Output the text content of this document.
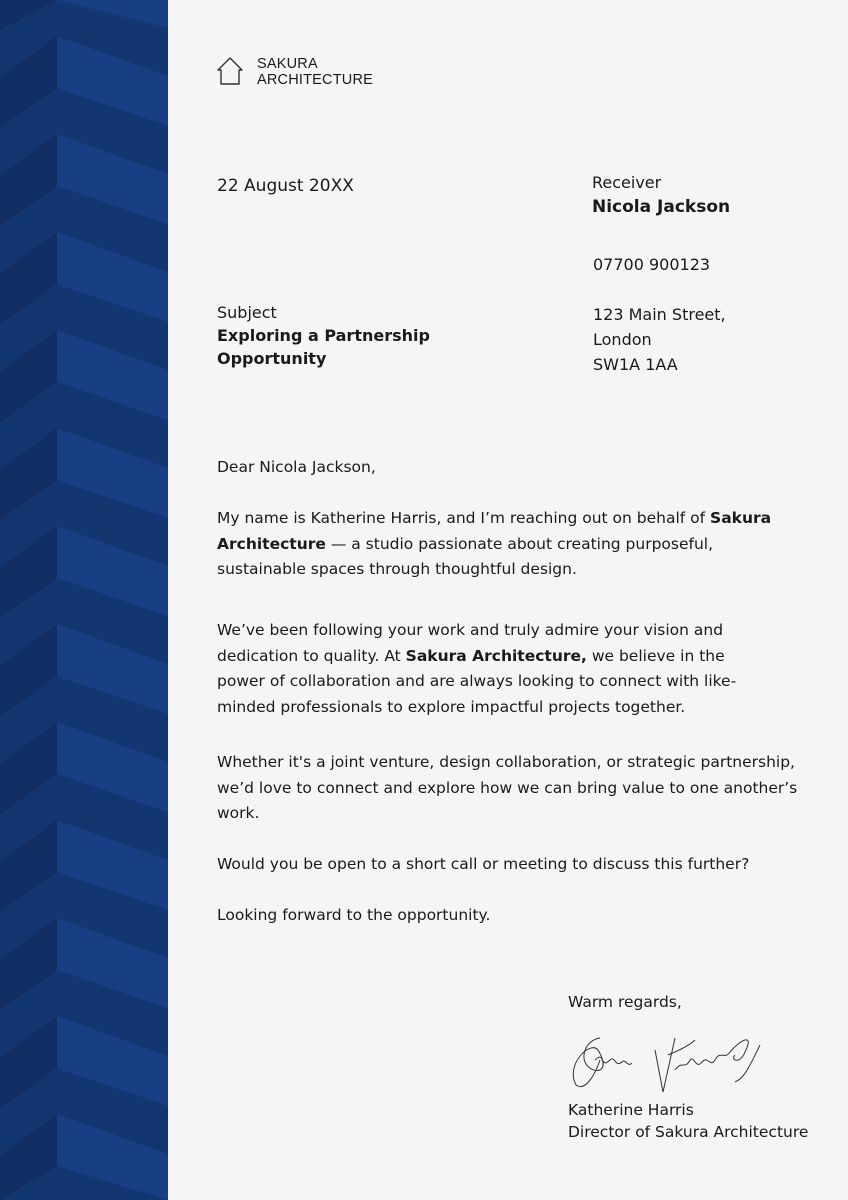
SAKURA
ARCHITECTURE
22 August 20XX	Receiver
Nicola Jackson
07700 900123
123 Main Street,
London
SW1A 1AA
Subject
Exploring a Partnership
Opportunity

Dear Nicola Jackson,

My name is Katherine Harris, and I’m reaching out on behalf of Sakura Architecture — a studio passionate about creating purposeful, sustainable spaces through thoughtful design.

We’ve been following your work and truly admire your vision and dedication to quality. At Sakura Architecture, we believe in the power of collaboration and are always looking to connect with like-minded professionals to explore impactful projects together.

Whether it's a joint venture, design collaboration, or strategic partnership, we’d love to connect and explore how we can bring value to one another’s work.

Would you be open to a short call or meeting to discuss this further?

Looking forward to the opportunity.

Warm regards,
Katherine Harris
Director of Sakura Architecture
